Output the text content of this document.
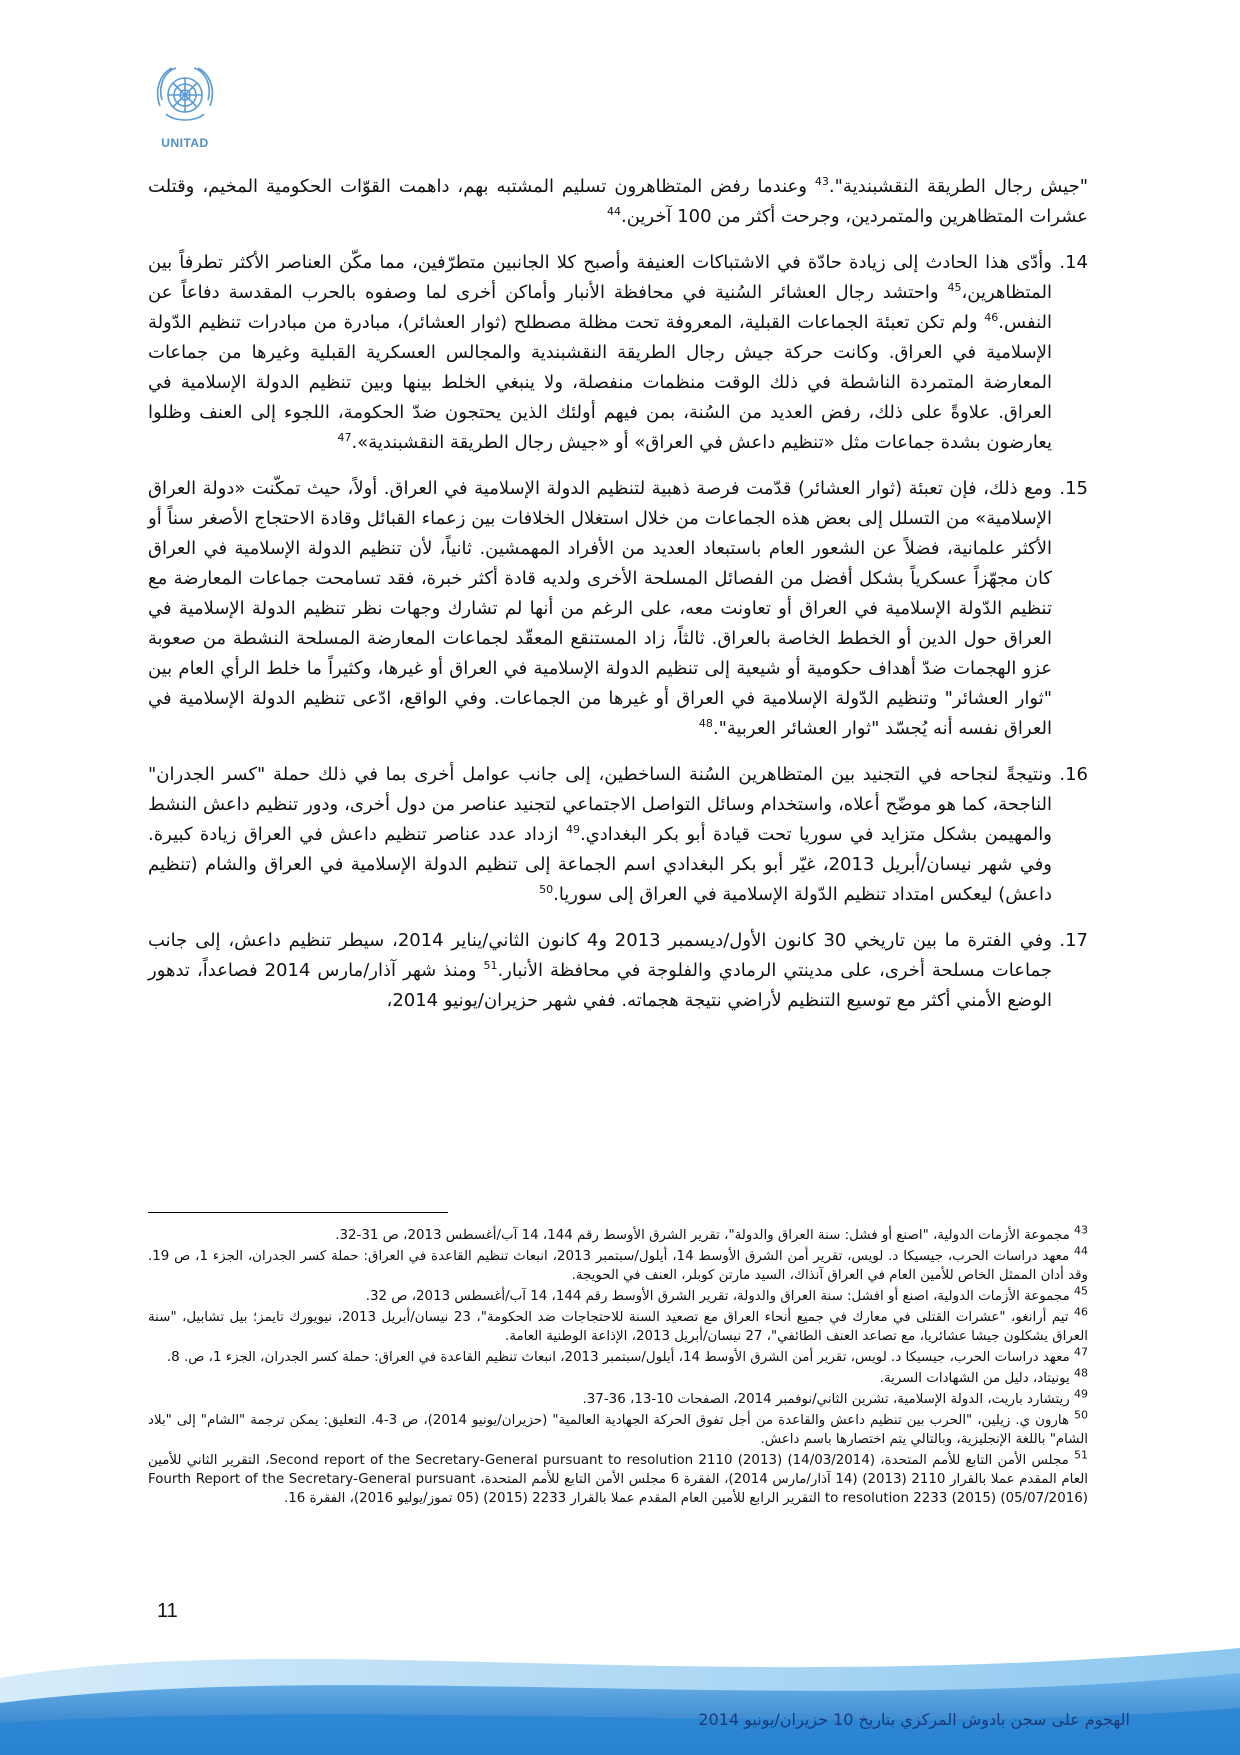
UNITAD

"جيش رجال الطريقة النقشبندية".$^{43}$ وعندما رفض المتظاهرون تسليم المشتبه بهم، داهمت القوّات الحكومية المخيم، وقتلت عشرات المتظاهرين والمتمردين، وجرحت أكثر من 100 آخرين.$^{44}$

14.
وأدّى هذا الحادث إلى زيادة حادّة في الاشتباكات العنيفة وأصبح كلا الجانبين متطرّفين، مما مكّن العناصر الأكثر تطرفاً بين المتظاهرين،$^{45}$ واحتشد رجال العشائر السُنية في محافظة الأنبار وأماكن أخرى لما وصفوه بالحرب المقدسة دفاعاً عن النفس.$^{46}$ ولم تكن تعبئة الجماعات القبلية، المعروفة تحت مظلة مصطلح (ثوار العشائر)، مبادرة من مبادرات تنظيم الدّولة الإسلامية في العراق. وكانت حركة جيش رجال الطريقة النقشبندية والمجالس العسكرية القبلية وغيرها من جماعات المعارضة المتمردة الناشطة في ذلك الوقت منظمات منفصلة، ولا ينبغي الخلط بينها وبين تنظيم الدولة الإسلامية في العراق. علاوةً على ذلك، رفض العديد من السُنة، بمن فيهم أولئك الذين يحتجون ضدّ الحكومة، اللجوء إلى العنف وظلوا يعارضون بشدة جماعات مثل «تنظيم داعش في العراق» أو «جيش رجال الطريقة النقشبندية».$^{47}$

15.
ومع ذلك، فإن تعبئة (ثوار العشائر) قدّمت فرصة ذهبية لتنظيم الدولة الإسلامية في العراق. أولاً، حيث تمكّنت «دولة العراق الإسلامية» من التسلل إلى بعض هذه الجماعات من خلال استغلال الخلافات بين زعماء القبائل وقادة الاحتجاج الأصغر سناً أو الأكثر علمانية، فضلاً عن الشعور العام باستبعاد العديد من الأفراد المهمشين. ثانياً، لأن تنظيم الدولة الإسلامية في العراق كان مجهّزاً عسكرياً بشكل أفضل من الفصائل المسلحة الأخرى ولديه قادة أكثر خبرة، فقد تسامحت جماعات المعارضة مع تنظيم الدّولة الإسلامية في العراق أو تعاونت معه، على الرغم من أنها لم تشارك وجهات نظر تنظيم الدولة الإسلامية في العراق حول الدين أو الخطط الخاصة بالعراق. ثالثاً، زاد المستنقع المعقّد لجماعات المعارضة المسلحة النشطة من صعوبة عزو الهجمات ضدّ أهداف حكومية أو شيعية إلى تنظيم الدولة الإسلامية في العراق أو غيرها، وكثيراً ما خلط الرأي العام بين "ثوار العشائر" وتنظيم الدّولة الإسلامية في العراق أو غيرها من الجماعات. وفي الواقع، ادّعى تنظيم الدولة الإسلامية في العراق نفسه أنه يُجسّد "ثوار العشائر العربية".$^{48}$

16.
ونتيجةً لنجاحه في التجنيد بين المتظاهرين السُنة الساخطين، إلى جانب عوامل أخرى بما في ذلك حملة "كسر الجدران" الناجحة، كما هو موضّح أعلاه، واستخدام وسائل التواصل الاجتماعي لتجنيد عناصر من دول أخرى، ودور تنظيم داعش النشط والمهيمن بشكل متزايد في سوريا تحت قيادة أبو بكر البغدادي.$^{49}$ ازداد عدد عناصر تنظيم داعش في العراق زيادة كبيرة. وفي شهر نيسان/أبريل 2013، غيّر أبو بكر البغدادي اسم الجماعة إلى تنظيم الدولة الإسلامية في العراق والشام (تنظيم داعش) ليعكس امتداد تنظيم الدّولة الإسلامية في العراق إلى سوريا.$^{50}$

17.
وفي الفترة ما بين تاريخي 30 كانون الأول/ديسمبر 2013 و4 كانون الثاني/يناير 2014، سيطر تنظيم داعش، إلى جانب جماعات مسلحة أخرى، على مدينتي الرمادي والفلوجة في محافظة الأنبار.$^{51}$ ومنذ شهر آذار/مارس 2014 فصاعداً، تدهور الوضع الأمني أكثر مع توسيع التنظيم لأراضي نتيجة هجماته. ففي شهر حزيران/يونيو 2014،

$^{43}$ مجموعة الأزمات الدولية، "اصنع أو فشل: سنة العراق والدولة"، تقرير الشرق الأوسط رقم 144، 14 آب/أغسطس 2013، ص 31-32.

$^{44}$ معهد دراسات الحرب، جيسيكا د. لويس، تقرير أمن الشرق الأوسط 14، أيلول/سبتمبر 2013، انبعاث تنظيم القاعدة في العراق: حملة كسر الجدران، الجزء 1، ص 19. وقد أدان الممثل الخاص للأمين العام في العراق آنذاك، السيد مارتن كوبلر، العنف في الحويجة.

$^{45}$ مجموعة الأزمات الدولية، اصنع أو افشل: سنة العراق والدولة، تقرير الشرق الأوسط رقم 144، 14 آب/أغسطس 2013، ص 32.

$^{46}$ تيم أرانغو، "عشرات القتلى في معارك في جميع أنحاء العراق مع تصعيد السنة للاحتجاجات ضد الحكومة"، 23 نيسان/أبريل 2013، نيويورك تايمز؛ بيل تشابيل، "سنة العراق يشكلون جيشا عشائريا، مع تصاعد العنف الطائفي"، 27 نيسان/أبريل 2013، الإذاعة الوطنية العامة.

$^{47}$ معهد دراسات الحرب، جيسيكا د. لويس، تقرير أمن الشرق الأوسط 14، أيلول/سبتمبر 2013، انبعاث تنظيم القاعدة في العراق: حملة كسر الجدران، الجزء 1، ص. 8.

$^{48}$ يونيتاد، دليل من الشهادات السرية.

$^{49}$ ريتشارد باريت، الدولة الإسلامية، تشرين الثاني/نوفمبر 2014، الصفحات 10-13، 36-37.

$^{50}$ هارون ي. زيلين، "الحرب بين تنظيم داعش والقاعدة من أجل تفوق الحركة الجهادية العالمية" (حزيران/يونيو 2014)، ص 3-4. التعليق: يمكن ترجمة "الشام" إلى "بلاد الشام" باللغة الإنجليزية، وبالتالي يتم اختصارها باسم داعش.

$^{51}$ مجلس الأمن التابع للأمم المتحدة، Second report of the Secretary-General pursuant to resolution 2110 (2013) (14/03/2014)، التقرير الثاني للأمين العام المقدم عملا بالقرار 2110 (2013) (14 آذار/مارس 2014)، الفقرة 6 مجلس الأمن التابع للأمم المتحدة، Fourth Report of the Secretary-General pursuant to resolution 2233 (2015) (05/07/2016) التقرير الرابع للأمين العام المقدم عملا بالقرار 2233 (2015) (05 تموز/يوليو 2016)، الفقرة 16.

11
الهجوم على سجن بادوش المركزي بتاريخ 10 حزيران/يونيو 2014
